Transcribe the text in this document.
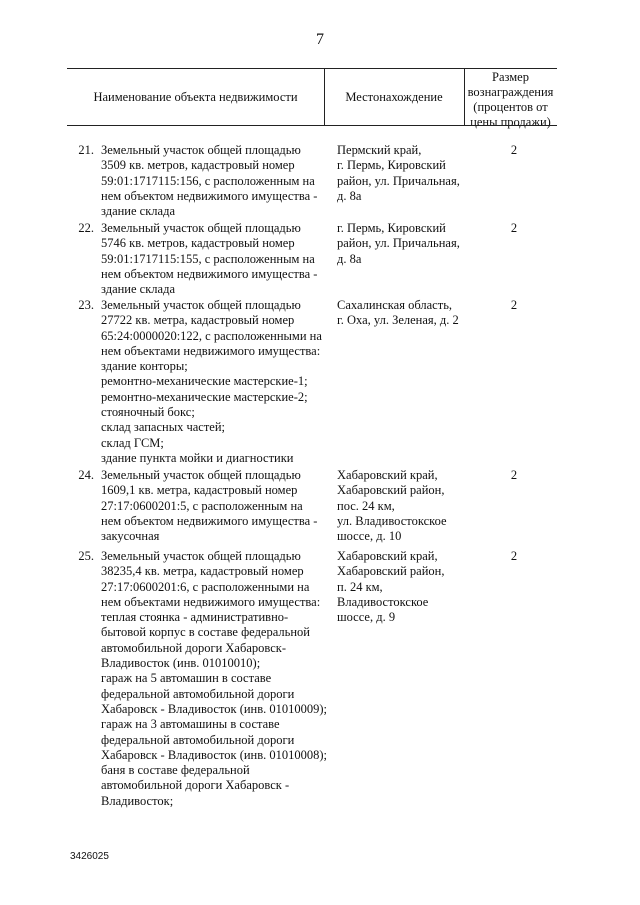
7
Наименование объекта недвижимости	Местонахождение
Размер
вознаграждения
(процентов от
цены продажи)
21. Земельный участок общей площадью
3509 кв. метров, кадастровый номер
59:01:1717115:156, с расположенным на
нем объектом недвижимого имущества -
здание склада
Пермский край,
г. Пермь, Кировский
район, ул. Причальная,
д. 8а
2
22. Земельный участок общей площадью
5746 кв. метров, кадастровый номер
59:01:1717115:155, с расположенным на
нем объектом недвижимого имущества -
здание склада
г. Пермь, Кировский
район, ул. Причальная,
д. 8а
2
23. Земельный участок общей площадью
27722 кв. метра, кадастровый номер
65:24:0000020:122, с расположенными на
нем объектами недвижимого имущества:
здание конторы;
ремонтно-механические мастерские-1;
ремонтно-механические мастерские-2;
стояночный бокс;
склад запасных частей;
склад ГСМ;
здание пункта мойки и диагностики
Сахалинская область,
г. Оха, ул. Зеленая, д. 2
2
24. Земельный участок общей площадью
1609,1 кв. метра, кадастровый номер
27:17:0600201:5, с расположенным на
нем объектом недвижимого имущества -
закусочная
Хабаровский край,
Хабаровский район,
пос. 24 км,
ул. Владивостокское
шоссе, д. 10
2
25. Земельный участок общей площадью
38235,4 кв. метра, кадастровый номер
27:17:0600201:6, с расположенными на
нем объектами недвижимого имущества:
теплая стоянка - административно-
бытовой корпус в составе федеральной
автомобильной дороги Хабаровск-
Владивосток (инв. 01010010);
гараж на 5 автомашин в составе
федеральной автомобильной дороги
Хабаровск - Владивосток (инв. 01010009);
гараж на 3 автомашины в составе
федеральной автомобильной дороги
Хабаровск - Владивосток (инв. 01010008);
баня в составе федеральной
автомобильной дороги Хабаровск -
Владивосток;
Хабаровский край,
Хабаровский район,
п. 24 км,
Владивостокское
шоссе, д. 9
2
3426025
